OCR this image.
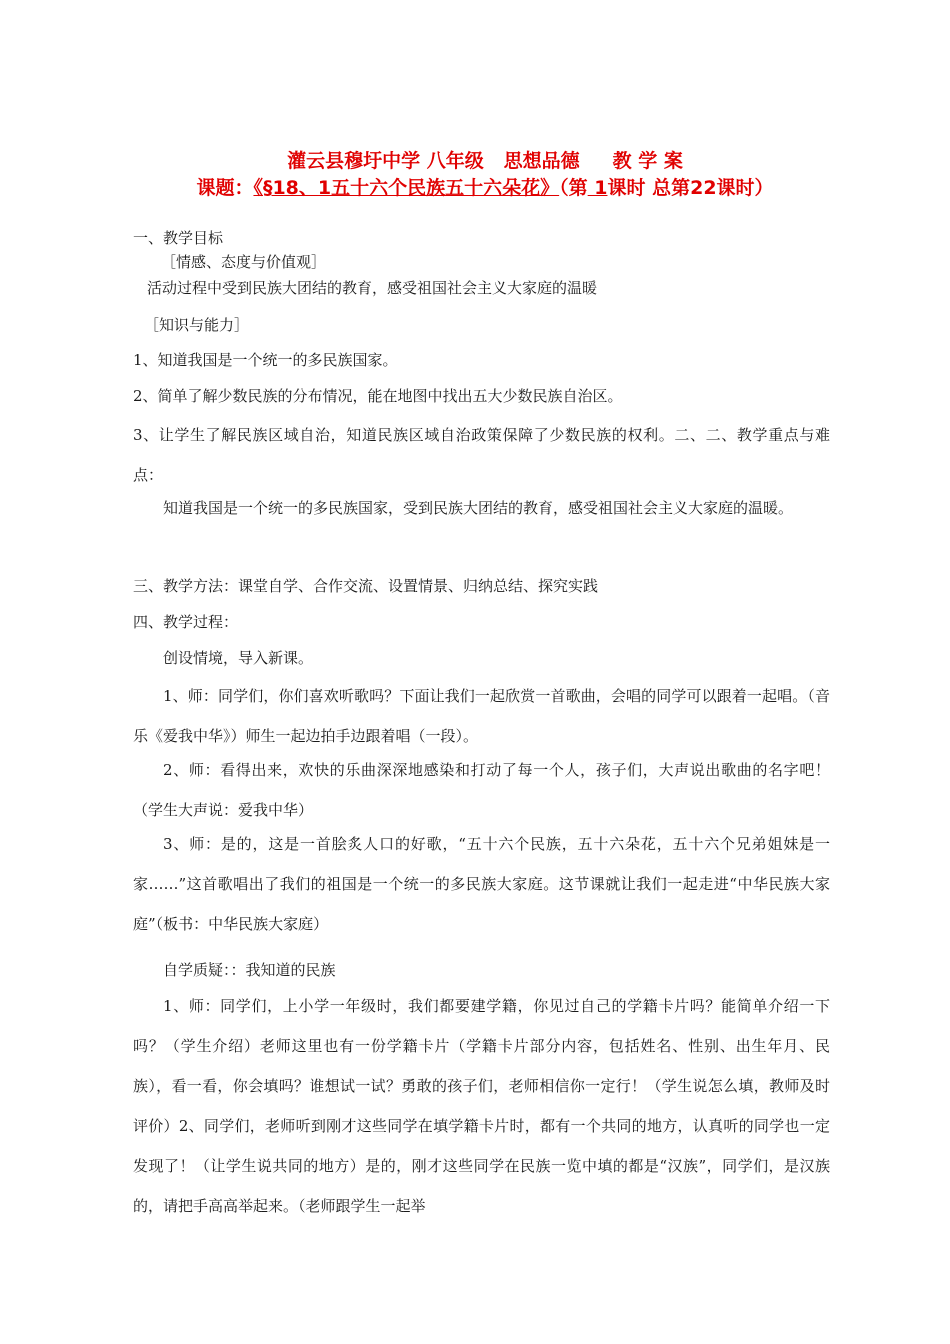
灌云县穆圩中学 八年级   思想品德     教 学 案
课题：《§18、1五十六个民族五十六朵花》（第 1课时 总第22课时）
一、教学目标
［情感、态度与价值观］
活动过程中受到民族大团结的教育，感受祖国社会主义大家庭的温暖
［知识与能力］
1、知道我国是一个统一的多民族国家。
2、简单了解少数民族的分布情况，能在地图中找出五大少数民族自治区。
3、让学生了解民族区域自治，知道民族区域自治政策保障了少数民族的权利。二、二、教学重点与难点：
知道我国是一个统一的多民族国家，受到民族大团结的教育，感受祖国社会主义大家庭的温暖。
三、教学方法：课堂自学、合作交流、设置情景、归纳总结、探究实践
四、教学过程：
创设情境，导入新课。
1、师：同学们，你们喜欢听歌吗？下面让我们一起欣赏一首歌曲，会唱的同学可以跟着一起唱。（音乐《爱我中华》）师生一起边拍手边跟着唱（一段）。
2、师：看得出来，欢快的乐曲深深地感染和打动了每一个人，孩子们，大声说出歌曲的名字吧！（学生大声说：爱我中华）
3、师：是的，这是一首脍炙人口的好歌，“五十六个民族，五十六朵花，五十六个兄弟姐妹是一家……”这首歌唱出了我们的祖国是一个统一的多民族大家庭。这节课就让我们一起走进“中华民族大家庭”（板书：中华民族大家庭）
自学质疑：：我知道的民族
1、师：同学们，上小学一年级时，我们都要建学籍，你见过自己的学籍卡片吗？能简单介绍一下吗？（学生介绍）老师这里也有一份学籍卡片（学籍卡片部分内容，包括姓名、性别、出生年月、民族），看一看，你会填吗？谁想试一试？勇敢的孩子们，老师相信你一定行！（学生说怎么填，教师及时评价）2、同学们，老师听到刚才这些同学在填学籍卡片时，都有一个共同的地方，认真听的同学也一定发现了！（让学生说共同的地方）是的，刚才这些同学在民族一览中填的都是“汉族”，同学们，是汉族的，请把手高高举起来。（老师跟学生一起举
